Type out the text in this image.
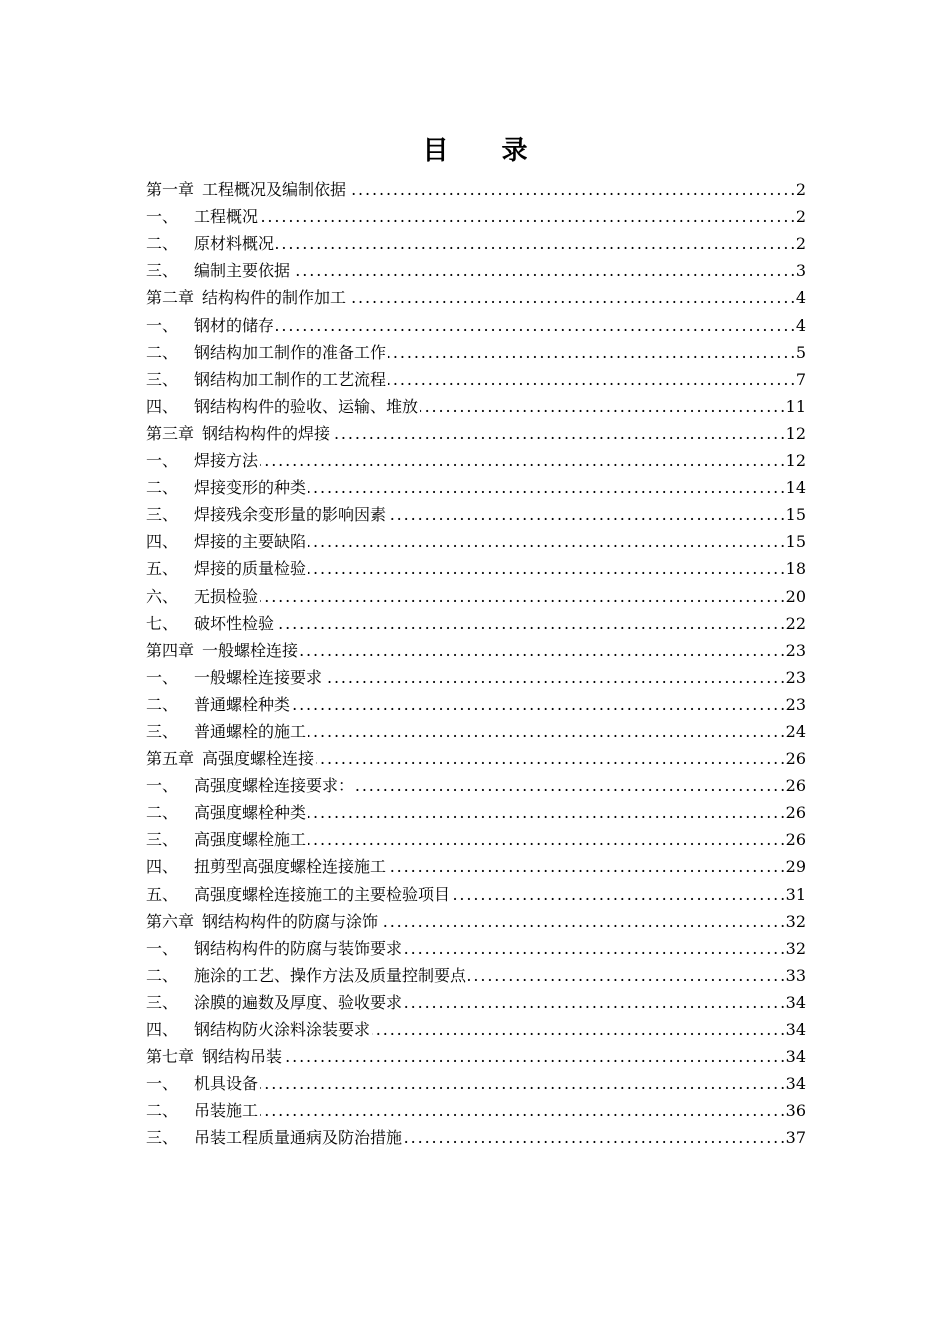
目 录
第一章 工程概况及编制依据 . . .	2
一、 工程概况 . . .	2
二、 原材料概况 . . .	2
三、 编制主要依据 . . .	3
第二章 结构构件的制作加工 . . .	4
一、 钢材的储存 . . .	4
二、 钢结构加工制作的准备工作 . . .	5
三、 钢结构加工制作的工艺流程 . . .	7
四、 钢结构构件的验收、运输、堆放 . . .	11
第三章 钢结构构件的焊接 . . .	12
一、 焊接方法 . . .	12
二、 焊接变形的种类 . . .	14
三、 焊接残余变形量的影响因素 . . .	15
四、 焊接的主要缺陷 . . .	15
五、 焊接的质量检验 . . .	18
六、 无损检验 . . .	20
七、 破坏性检验 . . .	22
第四章 一般螺栓连接 . . .	23
一、 一般螺栓连接要求 . . .	23
二、 普通螺栓种类 . . .	23
三、 普通螺栓的施工 . . .	24
第五章 高强度螺栓连接 . . .	26
一、 高强度螺栓连接要求： . . .	26
二、 高强度螺栓种类 . . .	26
三、 高强度螺栓施工 . . .	26
四、 扭剪型高强度螺栓连接施工 . . .	29
五、 高强度螺栓连接施工的主要检验项目 . . .	31
第六章 钢结构构件的防腐与涂饰 . . .	32
一、 钢结构构件的防腐与装饰要求 . . .	32
二、 施涂的工艺、操作方法及质量控制要点 . . .	33
三、 涂膜的遍数及厚度、验收要求 . . .	34
四、 钢结构防火涂料涂装要求 . . .	34
第七章 钢结构吊装 . . .	34
一、 机具设备 . . .	34
二、 吊装施工 . . .	36
三、 吊装工程质量通病及防治措施 . . .	37
